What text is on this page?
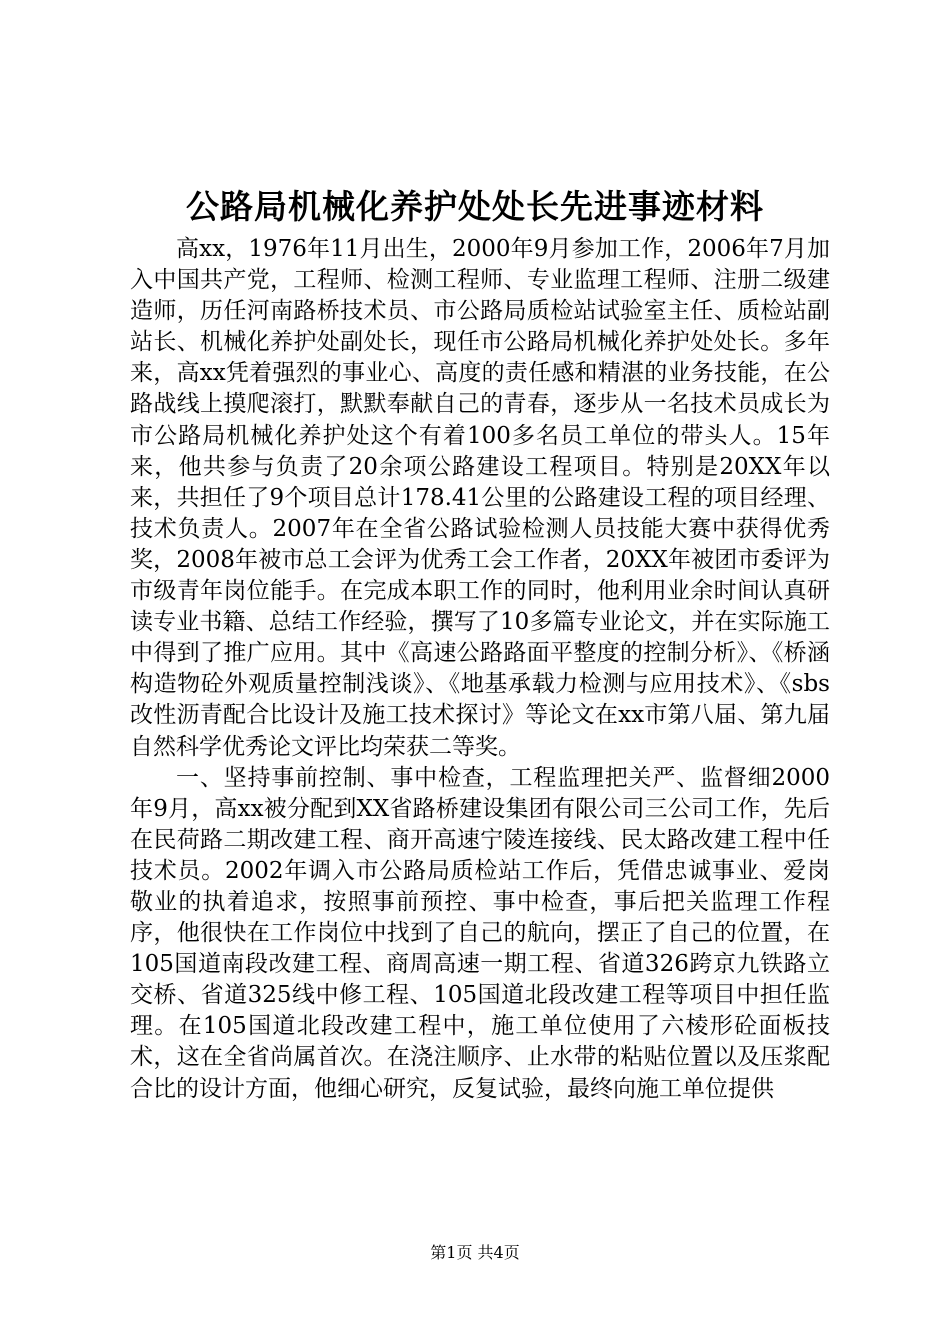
公路局机械化养护处处长先进事迹材料

高xx，1976年11月出生，2000年9月参加工作，2006年7月加入中国共产党，工程师、检测工程师、专业监理工程师、注册二级建造师，历任河南路桥技术员、市公路局质检站试验室主任、质检站副站长、机械化养护处副处长，现任市公路局机械化养护处处长。多年来，高xx凭着强烈的事业心、高度的责任感和精湛的业务技能，在公路战线上摸爬滚打，默默奉献自己的青春，逐步从一名技术员成长为市公路局机械化养护处这个有着100多名员工单位的带头人。15年来，他共参与负责了20余项公路建设工程项目。特别是20XX年以来，共担任了9个项目总计178.41公里的公路建设工程的项目经理、技术负责人。2007年在全省公路试验检测人员技能大赛中获得优秀奖，2008年被市总工会评为优秀工会工作者，20XX年被团市委评为市级青年岗位能手。在完成本职工作的同时，他利用业余时间认真研读专业书籍、总结工作经验，撰写了10多篇专业论文，并在实际施工中得到了推广应用。其中《高速公路路面平整度的控制分析》、《桥涵构造物砼外观质量控制浅谈》、《地基承载力检测与应用技术》、《sbs改性沥青配合比设计及施工技术探讨》等论文在xx市第八届、第九届自然科学优秀论文评比均荣获二等奖。

一、坚持事前控制、事中检查，工程监理把关严、监督细2000年9月，高xx被分配到XX省路桥建设集团有限公司三公司工作，先后在民荷路二期改建工程、商开高速宁陵连接线、民太路改建工程中任技术员。2002年调入市公路局质检站工作后，凭借忠诚事业、爱岗敬业的执着追求，按照事前预控、事中检查，事后把关监理工作程序，他很快在工作岗位中找到了自己的航向，摆正了自己的位置，在105国道南段改建工程、商周高速一期工程、省道326跨京九铁路立交桥、省道325线中修工程、105国道北段改建工程等项目中担任监理。在105国道北段改建工程中，施工单位使用了六棱形砼面板技术，这在全省尚属首次。在浇注顺序、止水带的粘贴位置以及压浆配合比的设计方面，他细心研究，反复试验，最终向施工单位提供

第1页 共4页
